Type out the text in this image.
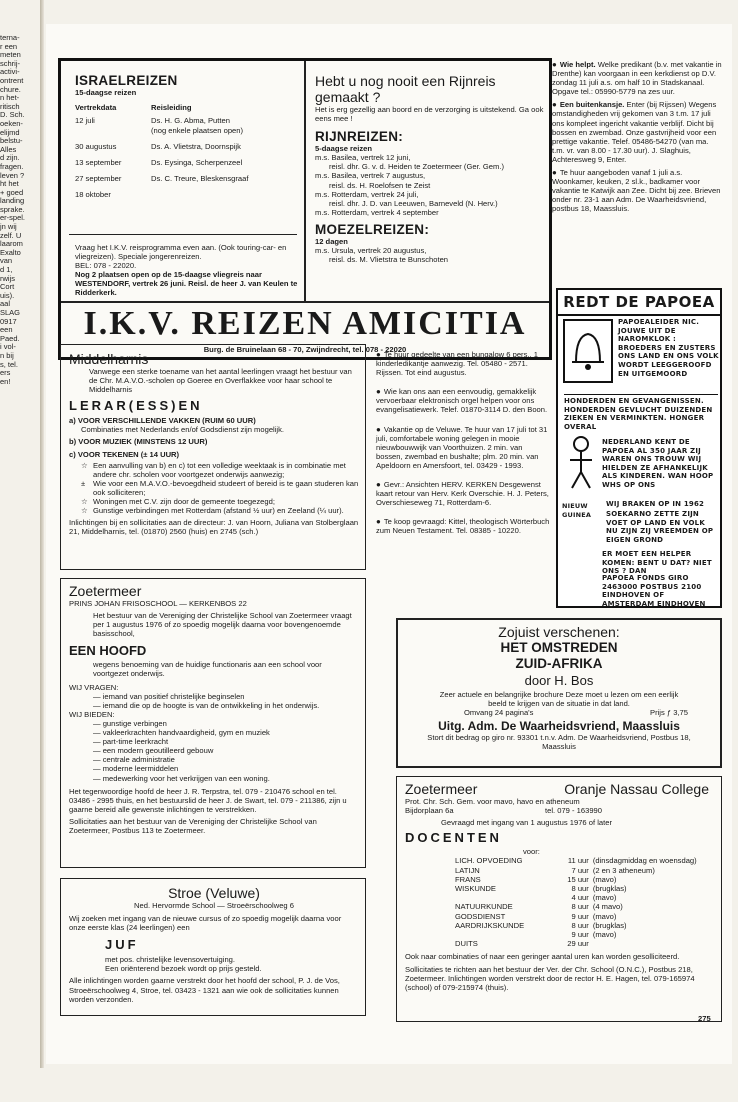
terna-
r een
meten
schrij-
activi-
ontrent
chure.
n het-
ritisch
D. Sch.
oeken-
elijmd
belstu-
Alles
d zijn.
fragen.
leven ?
ht het
+ goed
landing
sprake.
er-spel.
jn wij
zelf. U
laarom
Exalto
van
d 1,
rwijs
Cort
uis).
aal
SLAG
0917
een
Paed.
i vol-
n bij
s, tel.
ers
en!
ISRAELREIZEN
15-daagse reizen
Vertrekdata	Reisleiding

12 juli	Ds. H. G. Abma, Putten
	(nog enkele plaatsen open)

30 augustus	Ds. A. Vlietstra, Doornspijk

13 september	Ds. Eysinga, Scherpenzeel

27 september	Ds. C. Treure, Bleskensgraaf

18 oktober	
Vraag het I.K.V. reisprogramma even aan. (Ook touring-car- en vliegreizen). Speciale jongerenreizen.
BEL: 078 - 22020.
Nog 2 plaatsen open op de 15-daagse vliegreis naar WESTENDORF, vertrek 26 juni. Reisl. de heer J. van Keulen te Ridderkerk.
Hebt u nog nooit een Rijnreis gemaakt ?
Het is erg gezellig aan boord en de verzorging is uitstekend. Ga ook eens mee !
RIJNREIZEN:
5-daagse reizen
m.s. Basilea, vertrek 12 juni,
reisl. dhr. G. v. d. Heiden te Zoetermeer (Ger. Gem.)
m.s. Basilea, vertrek 7 augustus,
reisl. ds. H. Roelofsen te Zeist
m.s. Rotterdam, vertrek 24 juli,
reisl. dhr. J. D. van Leeuwen, Barneveld (N. Herv.)
m.s. Rotterdam, vertrek 4 september
MOEZELREIZEN:
12 dagen
m.s. Ursula, vertrek 20 augustus,
reisl. ds. M. Vlietstra te Bunschoten
I.K.V. REIZEN AMICITIA
Burg. de Bruinelaan 68 - 70, Zwijndrecht, tel. 078 - 22020
● Wie helpt. Welke predikant (b.v. met vakantie in Drenthe) kan voorgaan in een kerkdienst op D.V. zondag 11 juli a.s. om half 10 in Stadskanaal. Opgave tel.: 05990-5779 na zes uur.
● Een buitenkansje. Enter (bij Rijssen) Wegens omstandigheden vrij gekomen van 3 t.m. 17 juli ons kompleet ingericht vakantie verblijf. Dicht bij bossen en zwembad. Onze gastvrijheid voor een prettige vakantie. Telef. 05486-54270 (van ma. t.m. vr. van 8.00 - 17.30 uur). J. Slaghuis, Achteresweg 9, Enter.
● Te huur aangeboden vanaf 1 juli a.s. Woonkamer, keuken, 2 sl.k., badkamer voor vakantie te Katwijk aan Zee. Dicht bij zee. Brieven onder nr. 23-1 aan Adm. De Waarheidsvriend, postbus 18, Maassluis.
REDT DE PAPOEA
PAPOEALEIDER NIC. JOUWE UIT DE NAROMKLOK : BROEDERS EN ZUSTERS ONS LAND EN ONS VOLK WORDT LEEGGEROOFD EN UITGEMOORD
HONDERDEN EN GEVANGENISSEN. HONDERDEN GEVLUCHT DUIZENDEN ZIEKEN EN VERMINKTEN. HONGER OVERAL
NEDERLAND KENT DE PAPOEA AL 350 JAAR ZIJ WAREN ONS TROUW WIJ HIELDEN ZE AFHANKELIJK ALS KINDEREN. WAN HOOP WHS OP ONS
NIEUW GUINEA
WIJ BRAKEN OP IN 1962
SOEKARNO ZETTE ZIJN VOET OP LAND EN VOLK NU ZIJN ZIJ VREEMDEN OP EIGEN GROND
ER MOET EEN HELPER KOMEN: BENT U DAT? NIET ONS ? DAN
PAPOEA FONDS GIRO 2463000 POSTBUS 2100 EINDHOVEN OF AMSTERDAM EINDHOVEN
Middelharnis
Vanwege een sterke toename van het aantal leerlingen vraagt het bestuur van de Chr. M.A.V.O.-scholen op Goeree en Overflakkee voor haar school te Middelharnis
LERAR(ESS)EN
a) VOOR VERSCHILLENDE VAKKEN (RUIM 60 UUR)
Combinaties met Nederlands en/of Godsdienst zijn mogelijk.
b) VOOR MUZIEK (MINSTENS 12 UUR)
c) VOOR TEKENEN (± 14 UUR)
☆ Een aanvulling van b) en c) tot een volledige weektaak is in combinatie met andere chr. scholen voor voortgezet onderwijs aanwezig;
±	Wie voor een M.A.V.O.-bevoegdheid studeert of bereid is te gaan studeren kan ook solliciteren;
☆ Woningen met C.V. zijn door de gemeente toegezegd;
☆ Gunstige verbindingen met Rotterdam (afstand ½ uur) en Zeeland (¼ uur).
Inlichtingen bij en sollicitaties aan de directeur: J. van Hoorn, Juliana van Stolberglaan 21, Middelharnis, tel. (01870) 2560 (huis) en 2745 (sch.)
● Te huur gedeelte van een bungalow 6 pers., 1 kinderledikantje aanwezig. Tel. 05480 - 2571. Rijssen. Tot eind augustus.
● Wie kan ons aan een eenvoudig, gemakkelijk vervoerbaar elektronisch orgel helpen voor ons evangelisatiewerk. Telef. 01870-3114 D. den Boon.
● Vakantie op de Veluwe. Te huur van 17 juli tot 31 juli, comfortabele woning gelegen in mooie nieuwbouwwijk van Voorthuizen. 2 min. van bossen, zwembad en bushalte; plm. 20 min. van Apeldoorn en Amersfoort, tel. 03429 - 1993.
● Gevr.: Ansichten HERV. KERKEN Desgewenst kaart retour van Herv. Kerk Overschie. H. J. Peters, Overschieseweg 71, Rotterdam-6.
● Te koop gevraagd: Kittel, theologisch Wörterbuch zum Neuen Testament. Tel. 08385 - 10220.
Zoetermeer
PRINS JOHAN FRISOSCHOOL — KERKENBOS 22
Het bestuur van de Vereniging der Christelijke School van Zoetermeer vraagt per 1 augustus 1976 of zo spoedig mogelijk daarna voor bovengenoemde basisschool,
EEN HOOFD
wegens benoeming van de huidige functionaris aan een school voor voortgezet onderwijs.
WIJ VRAGEN:
— iemand van positief christelijke beginselen
— iemand die op de hoogte is van de ontwikkeling in het onderwijs.
WIJ BIEDEN:
— gunstige verbingen
— vakleerkrachten handvaardigheid, gym en muziek
— part-time leerkracht
— een modern geoutilleerd gebouw
— centrale administratie
— moderne leermiddelen
— medewerking voor het verkrijgen van een woning.
Het tegenwoordige hoofd de heer J. R. Terpstra, tel. 079 - 210476 school en tel. 03486 - 2995 thuis, en het bestuurslid de heer J. de Swart, tel. 079 - 211386, zijn u gaarne bereid alle gewenste inlichtingen te verstrekken.
Sollicitaties aan het bestuur van de Vereniging der Christelijke School van Zoetermeer, Postbus 113 te Zoetermeer.
Stroe (Veluwe)
Ned. Hervormde School — Stroeërschoolweg 6
Wij zoeken met ingang van de nieuwe cursus of zo spoedig mogelijk daarna voor onze eerste klas (24 leerlingen) een
JUF
met pos. christelijke levensovertuiging.
Een oriënterend bezoek wordt op prijs gesteld.
Alle inlichtingen worden gaarne verstrekt door het hoofd der school, P. J. de Vos, Stroeërschoolweg 4, Stroe, tel. 03423 - 1321 aan wie ook de sollicitaties kunnen worden verzonden.
Zojuist verschenen:
HET OMSTREDEN
ZUID-AFRIKA
door H. Bos
Zeer actuele en belangrijke brochure Deze moet u lezen om een eerlijk beeld te krijgen van de situatie in dat land.
Omvang 24 pagina's	Prijs ƒ 3,75
Uitg. Adm. De Waarheidsvriend, Maassluis
Stort dit bedrag op giro nr. 93301 t.n.v. Adm. De Waarheidsvriend, Postbus 18, Maassluis
Zoetermeer	Oranje Nassau College
Prot. Chr. Sch. Gem. voor mavo, havo en atheneum
Bijdorplaan 6a	tel. 079 - 163990
Gevraagd met ingang van 1 augustus 1976 of later
DOCENTEN
voor:
LICH. OPVOEDING	11 uur	(dinsdagmiddag en woensdag)
LATIJN	7 uur	(2 en 3 atheneum)
FRANS	15 uur	(mavo)
WISKUNDE	8 uur	(brugklas)
	4 uur	(mavo)
NATUURKUNDE	8 uur	(4 mavo)
GODSDIENST	9 uur	(mavo)
AARDRIJKSKUNDE	8 uur	(brugklas)
	9 uur	(mavo)
DUITS	29 uur	
Ook naar combinaties of naar een geringer aantal uren kan worden gesolliciteerd.
Sollicitaties te richten aan het bestuur der Ver. der Chr. School (O.N.C.), Postbus 218, Zoetermeer. Inlichtingen worden verstrekt door de rector H. E. Hagen, tel. 079-165974 (school) of 079-215974 (thuis).
275
